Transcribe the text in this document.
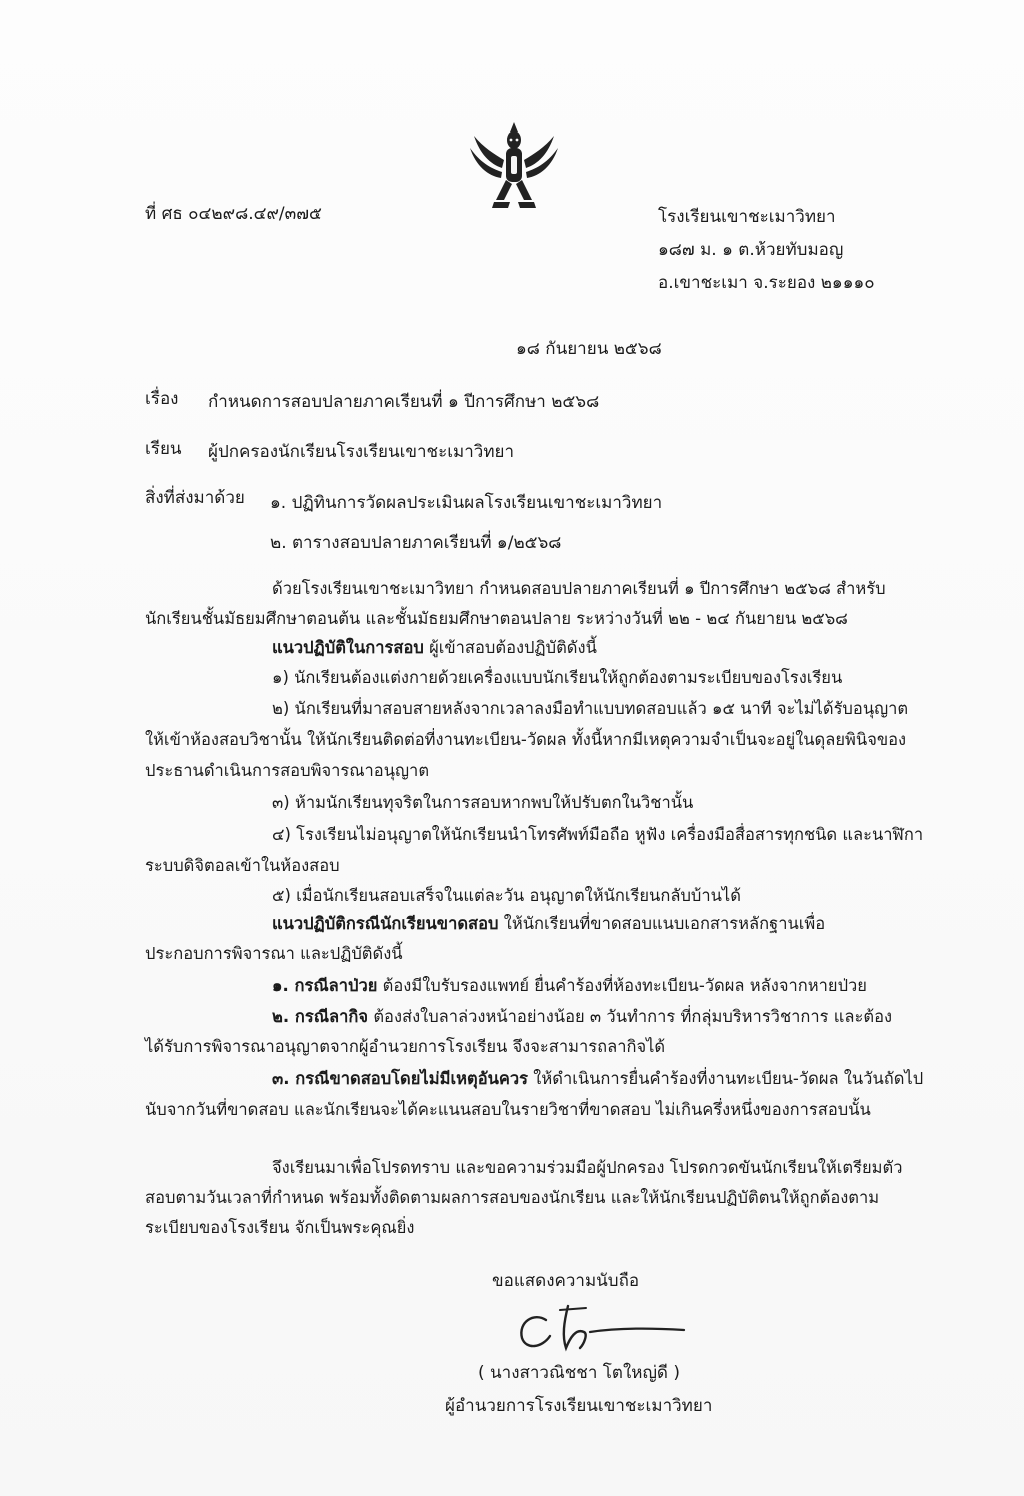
ที่ ศธ ๐๔๒๙๘.๔๙/๓๗๕	โรงเรียนเขาชะเมาวิทยา
๑๘๗ ม. ๑ ต.ห้วยทับมอญ
อ.เขาชะเมา จ.ระยอง ๒๑๑๑๐
๑๘ กันยายน ๒๕๖๘
เรื่อง กำหนดการสอบปลายภาคเรียนที่ ๑ ปีการศึกษา ๒๕๖๘
เรียน ผู้ปกครองนักเรียนโรงเรียนเขาชะเมาวิทยา
สิ่งที่ส่งมาด้วย ๑. ปฏิทินการวัดผลประเมินผลโรงเรียนเขาชะเมาวิทยา
๒. ตารางสอบปลายภาคเรียนที่ ๑/๒๕๖๘
ด้วยโรงเรียนเขาชะเมาวิทยา กำหนดสอบปลายภาคเรียนที่ ๑ ปีการศึกษา ๒๕๖๘ สำหรับ
นักเรียนชั้นมัธยมศึกษาตอนต้น และชั้นมัธยมศึกษาตอนปลาย ระหว่างวันที่ ๒๒ - ๒๔ กันยายน ๒๕๖๘
แนวปฏิบัติในการสอบ ผู้เข้าสอบต้องปฏิบัติดังนี้
๑) นักเรียนต้องแต่งกายด้วยเครื่องแบบนักเรียนให้ถูกต้องตามระเบียบของโรงเรียน
๒) นักเรียนที่มาสอบสายหลังจากเวลาลงมือทำแบบทดสอบแล้ว ๑๕ นาที จะไม่ได้รับอนุญาต
ให้เข้าห้องสอบวิชานั้น ให้นักเรียนติดต่อที่งานทะเบียน-วัดผล ทั้งนี้หากมีเหตุความจำเป็นจะอยู่ในดุลยพินิจของ
ประธานดำเนินการสอบพิจารณาอนุญาต
๓) ห้ามนักเรียนทุจริตในการสอบหากพบให้ปรับตกในวิชานั้น
๔) โรงเรียนไม่อนุญาตให้นักเรียนนำโทรศัพท์มือถือ หูฟัง เครื่องมือสื่อสารทุกชนิด และนาฬิกา
ระบบดิจิตอลเข้าในห้องสอบ
๕) เมื่อนักเรียนสอบเสร็จในแต่ละวัน อนุญาตให้นักเรียนกลับบ้านได้
แนวปฏิบัติกรณีนักเรียนขาดสอบ ให้นักเรียนที่ขาดสอบแนบเอกสารหลักฐานเพื่อ
ประกอบการพิจารณา และปฏิบัติดังนี้
๑. กรณีลาป่วย ต้องมีใบรับรองแพทย์ ยื่นคำร้องที่ห้องทะเบียน-วัดผล หลังจากหายป่วย
๒. กรณีลากิจ ต้องส่งใบลาล่วงหน้าอย่างน้อย ๓ วันทำการ ที่กลุ่มบริหารวิชาการ และต้อง
ได้รับการพิจารณาอนุญาตจากผู้อำนวยการโรงเรียน จึงจะสามารถลากิจได้
๓. กรณีขาดสอบโดยไม่มีเหตุอันควร ให้ดำเนินการยื่นคำร้องที่งานทะเบียน-วัดผล ในวันถัดไป
นับจากวันที่ขาดสอบ และนักเรียนจะได้คะแนนสอบในรายวิชาที่ขาดสอบ ไม่เกินครึ่งหนึ่งของการสอบนั้น
จึงเรียนมาเพื่อโปรดทราบ และขอความร่วมมือผู้ปกครอง โปรดกวดขันนักเรียนให้เตรียมตัว
สอบตามวันเวลาที่กำหนด พร้อมทั้งติดตามผลการสอบของนักเรียน และให้นักเรียนปฏิบัติตนให้ถูกต้องตาม
ระเบียบของโรงเรียน จักเป็นพระคุณยิ่ง
ขอแสดงความนับถือ
( นางสาวณิชชา โตใหญ่ดี )
ผู้อำนวยการโรงเรียนเขาชะเมาวิทยา
